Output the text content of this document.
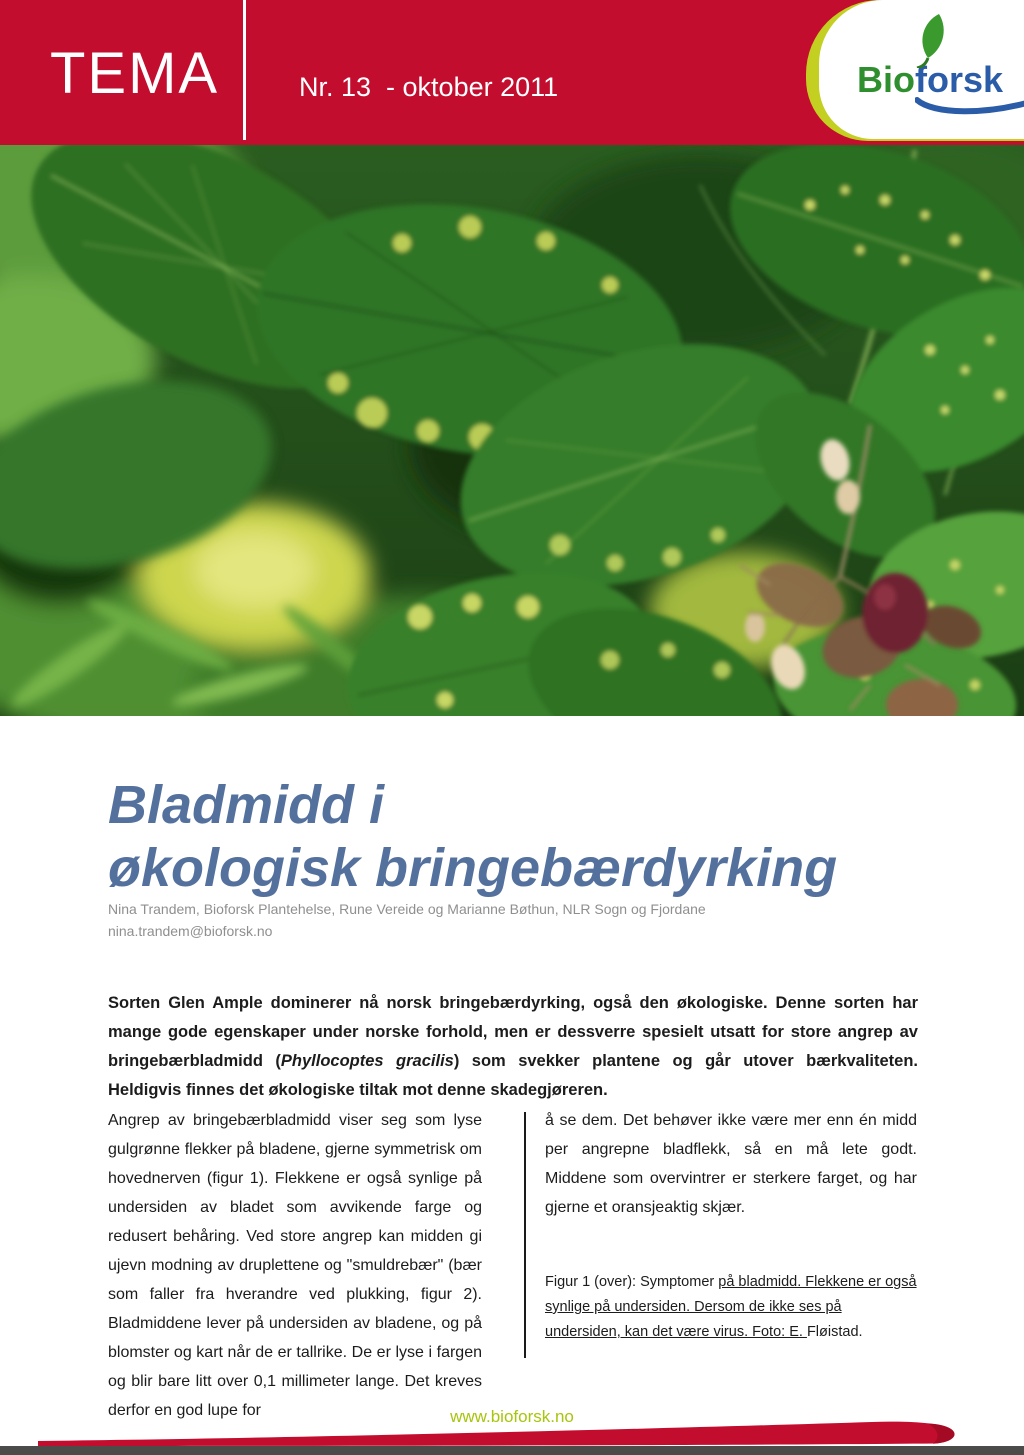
TEMA	Nr. 13  - oktober 2011	Bioforsk
Bladmidd i
økologisk bringebærdyrking
Nina Trandem, Bioforsk Plantehelse, Rune Vereide og Marianne Bøthun, NLR Sogn og Fjordane
nina.trandem@bioforsk.no

Sorten Glen Ample dominerer nå norsk bringebærdyrking, også den økologiske. Denne sorten har mange gode egenskaper under norske forhold, men er dessverre spesielt utsatt for store angrep av bringebærbladmidd (Phyllocoptes gracilis) som svekker plantene og går utover bærkvaliteten. Heldigvis finnes det økologiske tiltak mot denne skadegjøreren.

Angrep av bringebærbladmidd viser seg som lyse gulgrønne flekker på bladene, gjerne symmetrisk om hovednerven (figur 1). Flekkene er også synlige på undersiden av bladet som avvikende farge og redusert behåring. Ved store angrep kan midden gi ujevn modning av druplettene og "smuldrebær" (bær som faller fra hverandre ved plukking, figur 2). Bladmiddene lever på undersiden av bladene, og på blomster og kart når de er tallrike. De er lyse i fargen og blir bare litt over 0,1 millimeter lange. Det kreves derfor en god lupe for
å se dem. Det behøver ikke være mer enn én midd per angrepne bladflekk, så en må lete godt. Middene som overvintrer er sterkere farget, og har gjerne et oransjeaktig skjær.

Figur 1 (over): Symptomer på bladmidd. Flekkene er også synlige på undersiden. Dersom de ikke ses på undersiden, kan det være virus. Foto: E. Fløistad.

www.bioforsk.no
